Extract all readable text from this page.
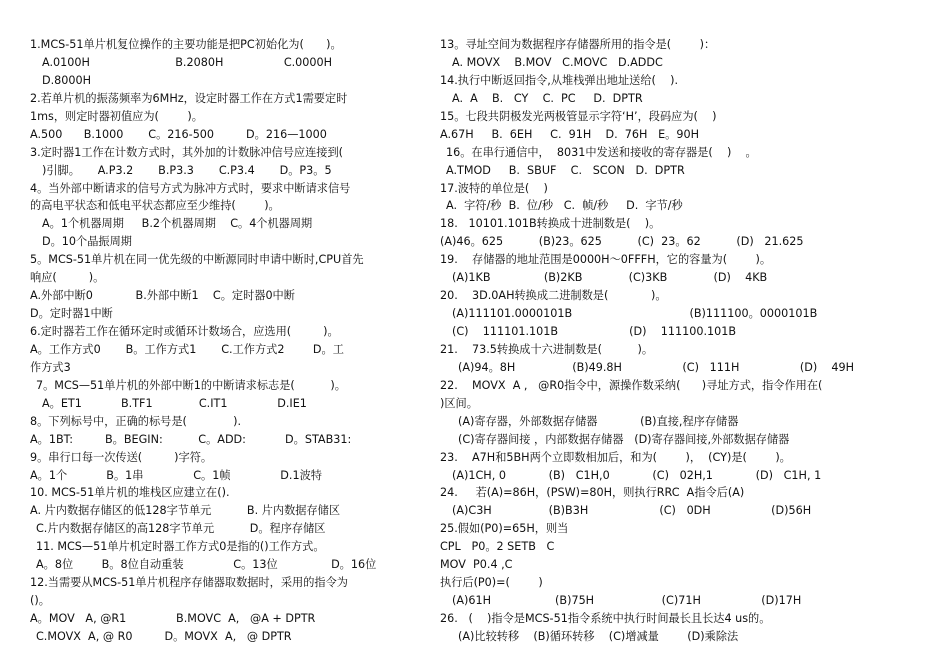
1.MCS-51单片机复位操作的主要功能是把PC初始化为(　　)。
A.0100H                        B.2080H                 C.0000H
D.8000H
2.若单片机的振荡频率为6MHz，设定时器工作在方式1需要定时
1ms，则定时器初值应为(        )。
A.500      B.1000       C。216-500         D。216—1000
3.定时器1工作在计数方式时，其外加的计数脉冲信号应连接到(
)引脚。     A.P3.2       B.P3.3       C.P3.4       D。P3。5
4。当外部中断请求的信号方式为脉冲方式时，要求中断请求信号
的高电平状态和低电平状态都应至少维持(        )。
A。1个机器周期     B.2个机器周期    C。4个机器周期
D。10个晶振周期
5。MCS-51单片机在同一优先级的中断源同时申请中断时,CPU首先
响应(         )。
A.外部中断0            B.外部中断1    C。定时器0中断
D。定时器1中断
6.定时器若工作在循环定时或循环计数场合，应选用(         )。
A。工作方式0       B。工作方式1       C.工作方式2        D。工
作方式3
7。MCS—51单片机的外部中断1的中断请求标志是(          )。
A。ET1           B.TF1             C.IT1              D.IE1
8。下列标号中，正确的标号是(             ).
A。1BT:         B。BEGIN:          C。ADD:           D。STAB31:
9。串行口每一次传送(         )字符。
A。1个           B。1串              C。1帧              D.1波特
10. MCS-51单片机的堆栈区应建立在().
A. 片内数据存储区的低128字节单元          B. 片内数据存储区
C.片内数据存储区的高128字节单元          D。程序存储区
11. MCS—51单片机定时器工作方式0是指的()工作方式。
A。8位        B。8位自动重装              C。13位               D。16位
12.当需要从MCS-51单片机程序存储器取数据时，采用的指令为
()。
A。MOV   A, @R1              B.MOVC  A,   @A + DPTR
C.MOVX  A, @ R0         D。MOVX  A,   @ DPTR
13。寻址空间为数据程序存储器所用的指令是(        )：
A. MOVX    B.MOV   C.MOVC   D.ADDC
14.执行中断返回指令,从堆栈弹出地址送给(    ).
A.  A    B.   CY    C.  PC     D.  DPTR
15。七段共阴极发光两极管显示字符‘H’，段码应为(    )
A.67H     B.  6EH     C.  91H    D.  76H   E。90H
16。在串行通信中，  8031中发送和接收的寄存器是(    )    。
A.TMOD     B.  SBUF    C.   SCON   D.  DPTR
17.波特的单位是(    )
A.  字符/秒  B.  位/秒   C.  帧/秒     D.  字节/秒
18.   10101.101B转换成十进制数是(    )。
(A)46。625          (B)23。625          (C)  23。62          (D)   21.625
19.    存储器的地址范围是0000H～0FFFH，它的容量为(        )。
(A)1KB               (B)2KB             (C)3KB             (D)    4KB
20.    3D.0AH转换成二进制数是(            )。
(A)111101.0000101B                                 (B)111100。0000101B
(C)    111101.101B                    (D)    111100.101B
21.    73.5转换成十六进制数是(          )。
(A)94。8H                (B)49.8H                 (C)   111H                 (D)    49H
22.    MOVX  A ,   @R0指令中，源操作数采纳(      )寻址方式，指令作用在(
)区间。
(A)寄存器，外部数据存储器            (B)直接,程序存储器
(C)寄存器间接 ，内部数据存储器   (D)寄存器间接,外部数据存储器
23.    A7H和5BH两个立即数相加后，和为(        )，  (CY)是(        )。
(A)1CH, 0            (B)   C1H,0            (C)   02H,1            (D)   C1H, 1
24.     若(A)=86H，(PSW)=80H，则执行RRC  A指令后(A)
(A)C3H                (B)B3H                    (C)   0DH                 (D)56H
25.假如(P0)=65H，则当
CPL   P0。2 SETB   C
MOV  P0.4 ,C
执行后(P0)=(        )
(A)61H                  (B)75H                   (C)71H                 (D)17H
26.   (    )指令是MCS-51指令系统中执行时间最长且长达4 us的。
(A)比较转移    (B)循环转移    (C)增减量        (D)乘除法
